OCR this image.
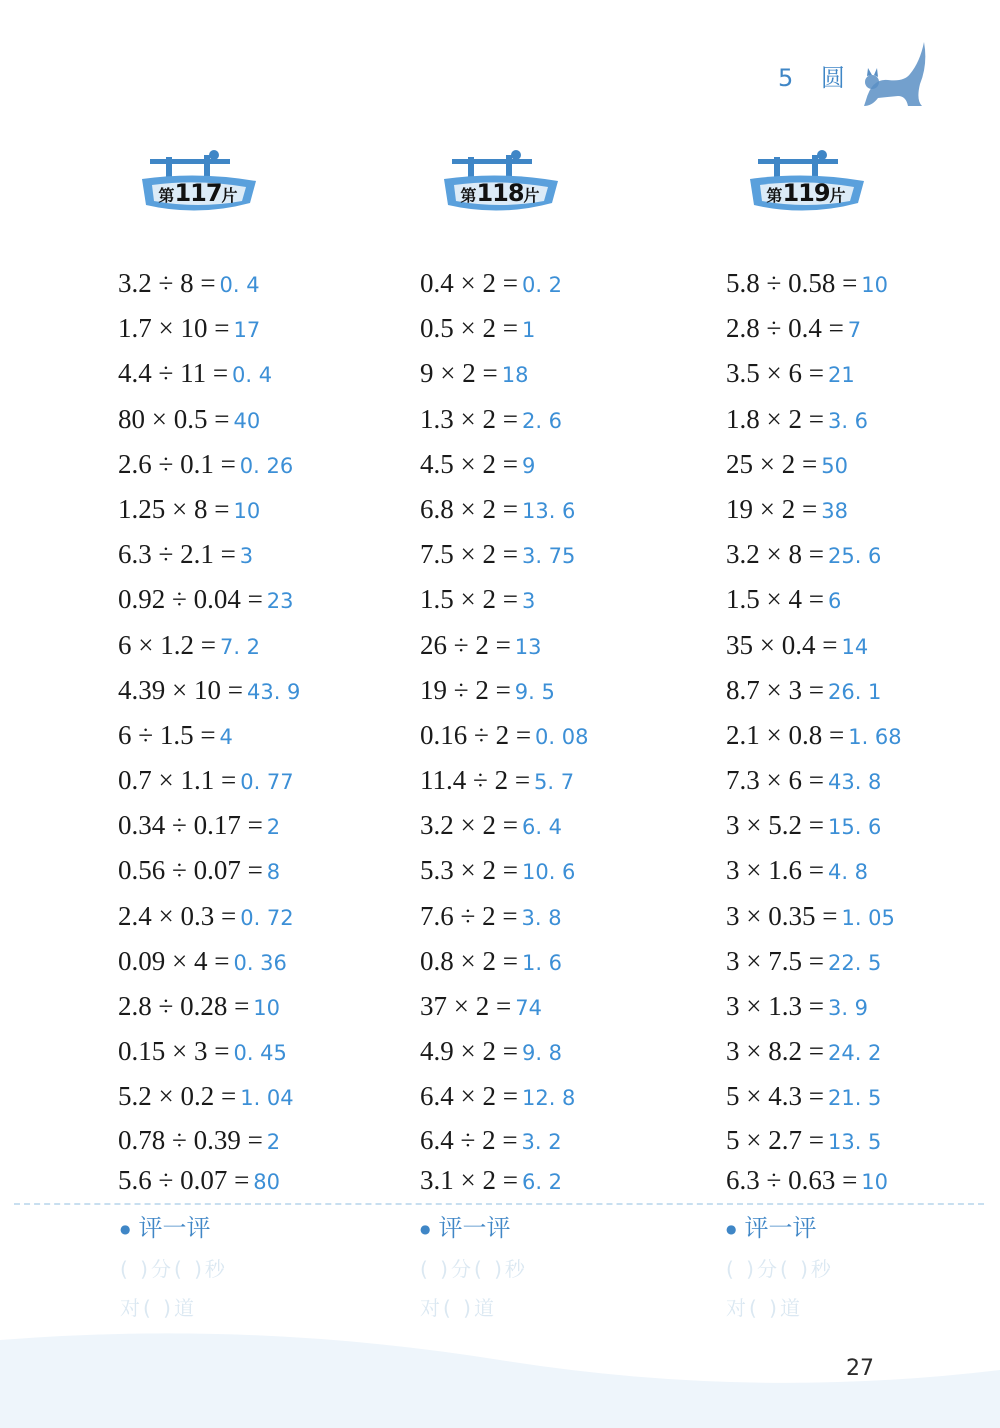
5 圆
第117片
3.2 ÷ 8 = 0. 4
1.7 × 10 = 17
4.4 ÷ 11 = 0. 4
80 × 0.5 = 40
2.6 ÷ 0.1 = 0. 26
1.25 × 8 = 10
6.3 ÷ 2.1 = 3
0.92 ÷ 0.04 = 23
6 × 1.2 = 7. 2
4.39 × 10 = 43. 9
6 ÷ 1.5 = 4
0.7 × 1.1 = 0. 77
0.34 ÷ 0.17 = 2
0.56 ÷ 0.07 = 8
2.4 × 0.3 = 0. 72
0.09 × 4 = 0. 36
2.8 ÷ 0.28 = 10
0.15 × 3 = 0. 45
5.2 × 0.2 = 1. 04
0.78 ÷ 0.39 = 2
5.6 ÷ 0.07 = 80
第118片
0.4 × 2 = 0. 2
0.5 × 2 = 1
9 × 2 = 18
1.3 × 2 = 2. 6
4.5 × 2 = 9
6.8 × 2 = 13. 6
7.5 × 2 = 3. 75
1.5 × 2 = 3
26 ÷ 2 = 13
19 ÷ 2 = 9. 5
0.16 ÷ 2 = 0. 08
11.4 ÷ 2 = 5. 7
3.2 × 2 = 6. 4
5.3 × 2 = 10. 6
7.6 ÷ 2 = 3. 8
0.8 × 2 = 1. 6
37 × 2 = 74
4.9 × 2 = 9. 8
6.4 × 2 = 12. 8
6.4 ÷ 2 = 3. 2
3.1 × 2 = 6. 2
第119片
5.8 ÷ 0.58 = 10
2.8 ÷ 0.4 = 7
3.5 × 6 = 21
1.8 × 2 = 3. 6
25 × 2 = 50
19 × 2 = 38
3.2 × 8 = 25. 6
1.5 × 4 = 6
35 × 0.4 = 14
8.7 × 3 = 26. 1
2.1 × 0.8 = 1. 68
7.3 × 6 = 43. 8
3 × 5.2 = 15. 6
3 × 1.6 = 4. 8
3 × 0.35 = 1. 05
3 × 7.5 = 22. 5
3 × 1.3 = 3. 9
3 × 8.2 = 24. 2
5 × 4.3 = 21. 5
5 × 2.7 = 13. 5
6.3 ÷ 0.63 = 10
● 评一评
( )分( )秒
对( )道
● 评一评
( )分( )秒
对( )道
● 评一评
( )分( )秒
对( )道
27
